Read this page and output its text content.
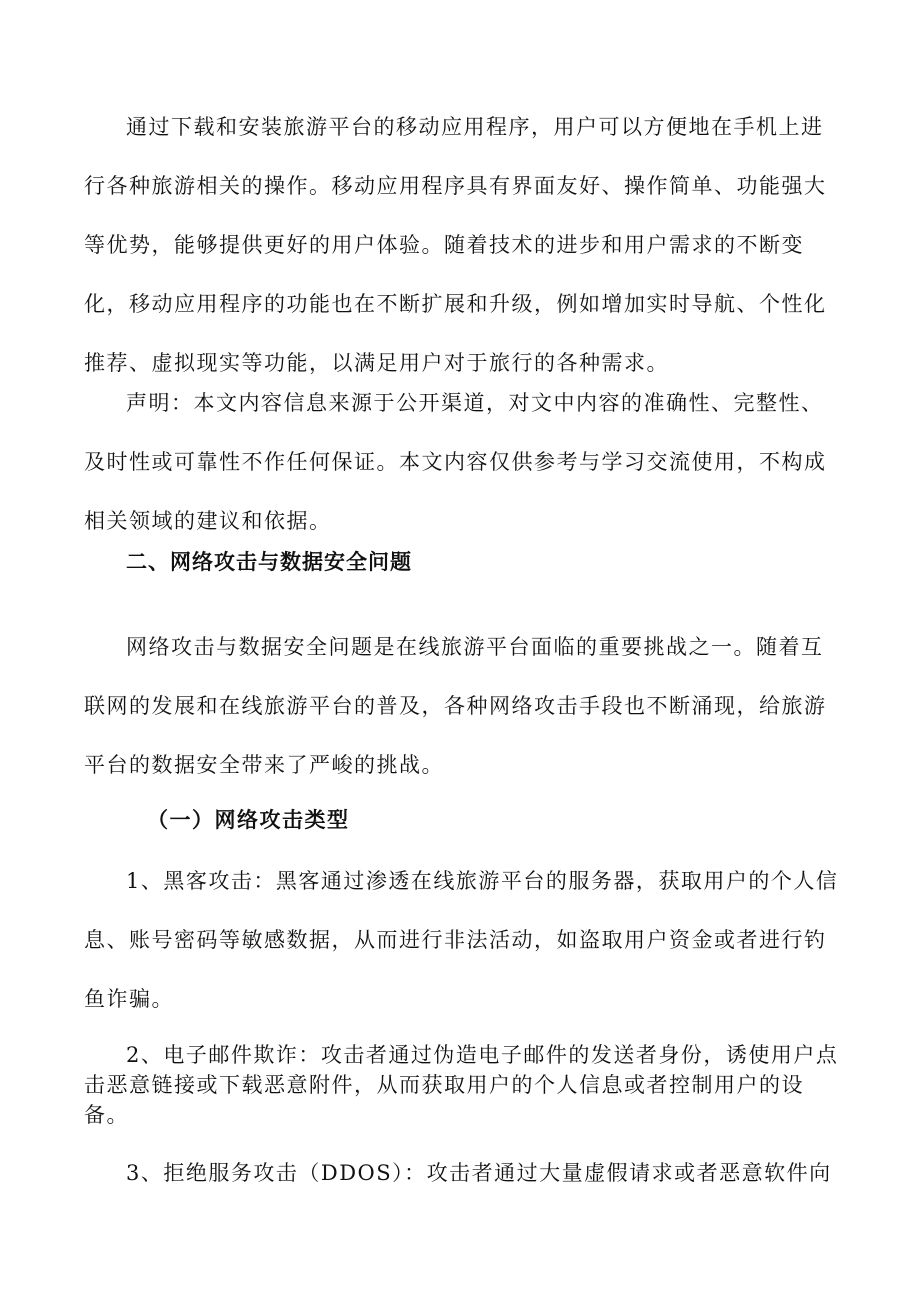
通过下载和安装旅游平台的移动应用程序，用户可以方便地在手机上进行各种旅游相关的操作。移动应用程序具有界面友好、操作简单、功能强大等优势，能够提供更好的用户体验。随着技术的进步和用户需求的不断变化，移动应用程序的功能也在不断扩展和升级，例如增加实时导航、个性化推荐、虚拟现实等功能，以满足用户对于旅行的各种需求。

声明：本文内容信息来源于公开渠道，对文中内容的准确性、完整性、及时性或可靠性不作任何保证。本文内容仅供参考与学习交流使用，不构成相关领域的建议和依据。

二、网络攻击与数据安全问题

网络攻击与数据安全问题是在线旅游平台面临的重要挑战之一。随着互联网的发展和在线旅游平台的普及，各种网络攻击手段也不断涌现，给旅游平台的数据安全带来了严峻的挑战。

（一）网络攻击类型

1、黑客攻击：黑客通过渗透在线旅游平台的服务器，获取用户的个人信息、账号密码等敏感数据，从而进行非法活动，如盗取用户资金或者进行钓鱼诈骗。

2、电子邮件欺诈：攻击者通过伪造电子邮件的发送者身份，诱使用户点击恶意链接或下载恶意附件，从而获取用户的个人信息或者控制用户的设备。

3、拒绝服务攻击（DDOS）：攻击者通过大量虚假请求或者恶意软件向
